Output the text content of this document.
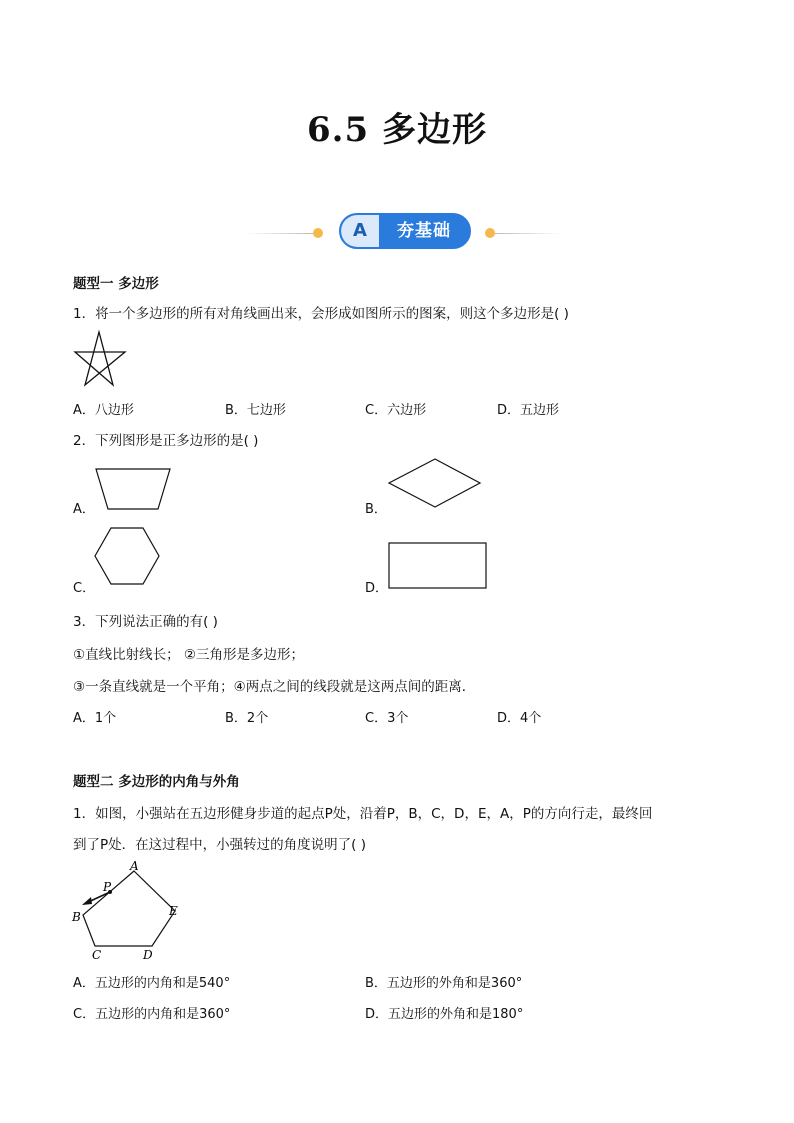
6.5 多边形
A	夯基础
题型一 多边形
1．将一个多边形的所有对角线画出来，会形成如图所示的图案，则这个多边形是( )
A．八边形	B．七边形	C．六边形	D．五边形
2．下列图形是正多边形的是( )
A．	B．
C．	D．
3．下列说法正确的有( )
①直线比射线长； ②三角形是多边形；
③一条直线就是一个平角；④两点之间的线段就是这两点间的距离．
A．1个	B．2个	C．3个	D．4个
题型二 多边形的内角与外角
1．如图，小强站在五边形健身步道的起点P处，沿着P，B，C，D，E，A，P的方向行走，最终回
到了P处．在这过程中，小强转过的角度说明了( )
A
P
B
C	D
E
A．五边形的内角和是540°	B．五边形的外角和是360°
C．五边形的内角和是360°	D．五边形的外角和是180°
